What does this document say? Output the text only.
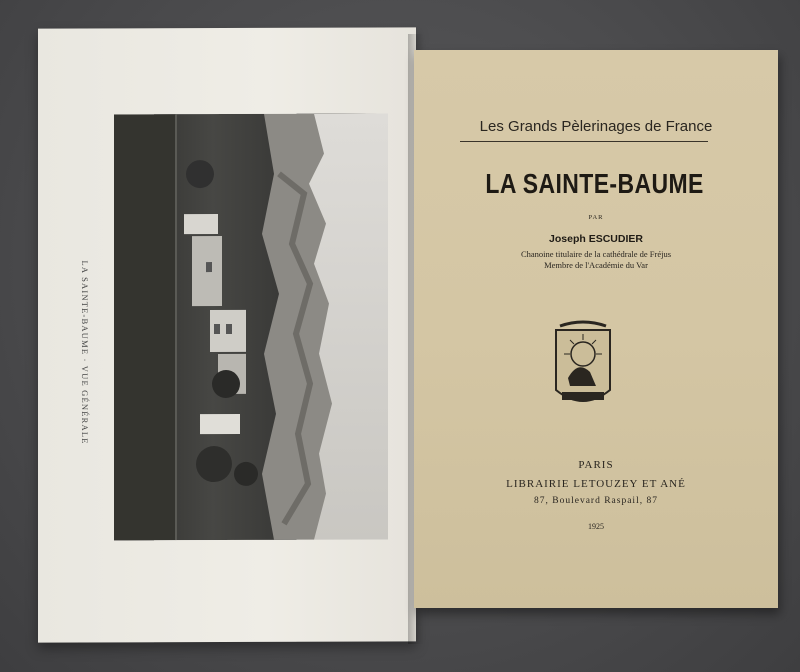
LA SAINTE-BAUME · VUE GÉNÉRALE
Les Grands Pèlerinages de France
LA SAINTE-BAUME
PAR
Joseph ESCUDIER
Chanoine titulaire de la cathédrale de Fréjus
Membre de l'Académie du Var
PARIS
LIBRAIRIE LETOUZEY ET ANÉ
87, Boulevard Raspail, 87
1925
